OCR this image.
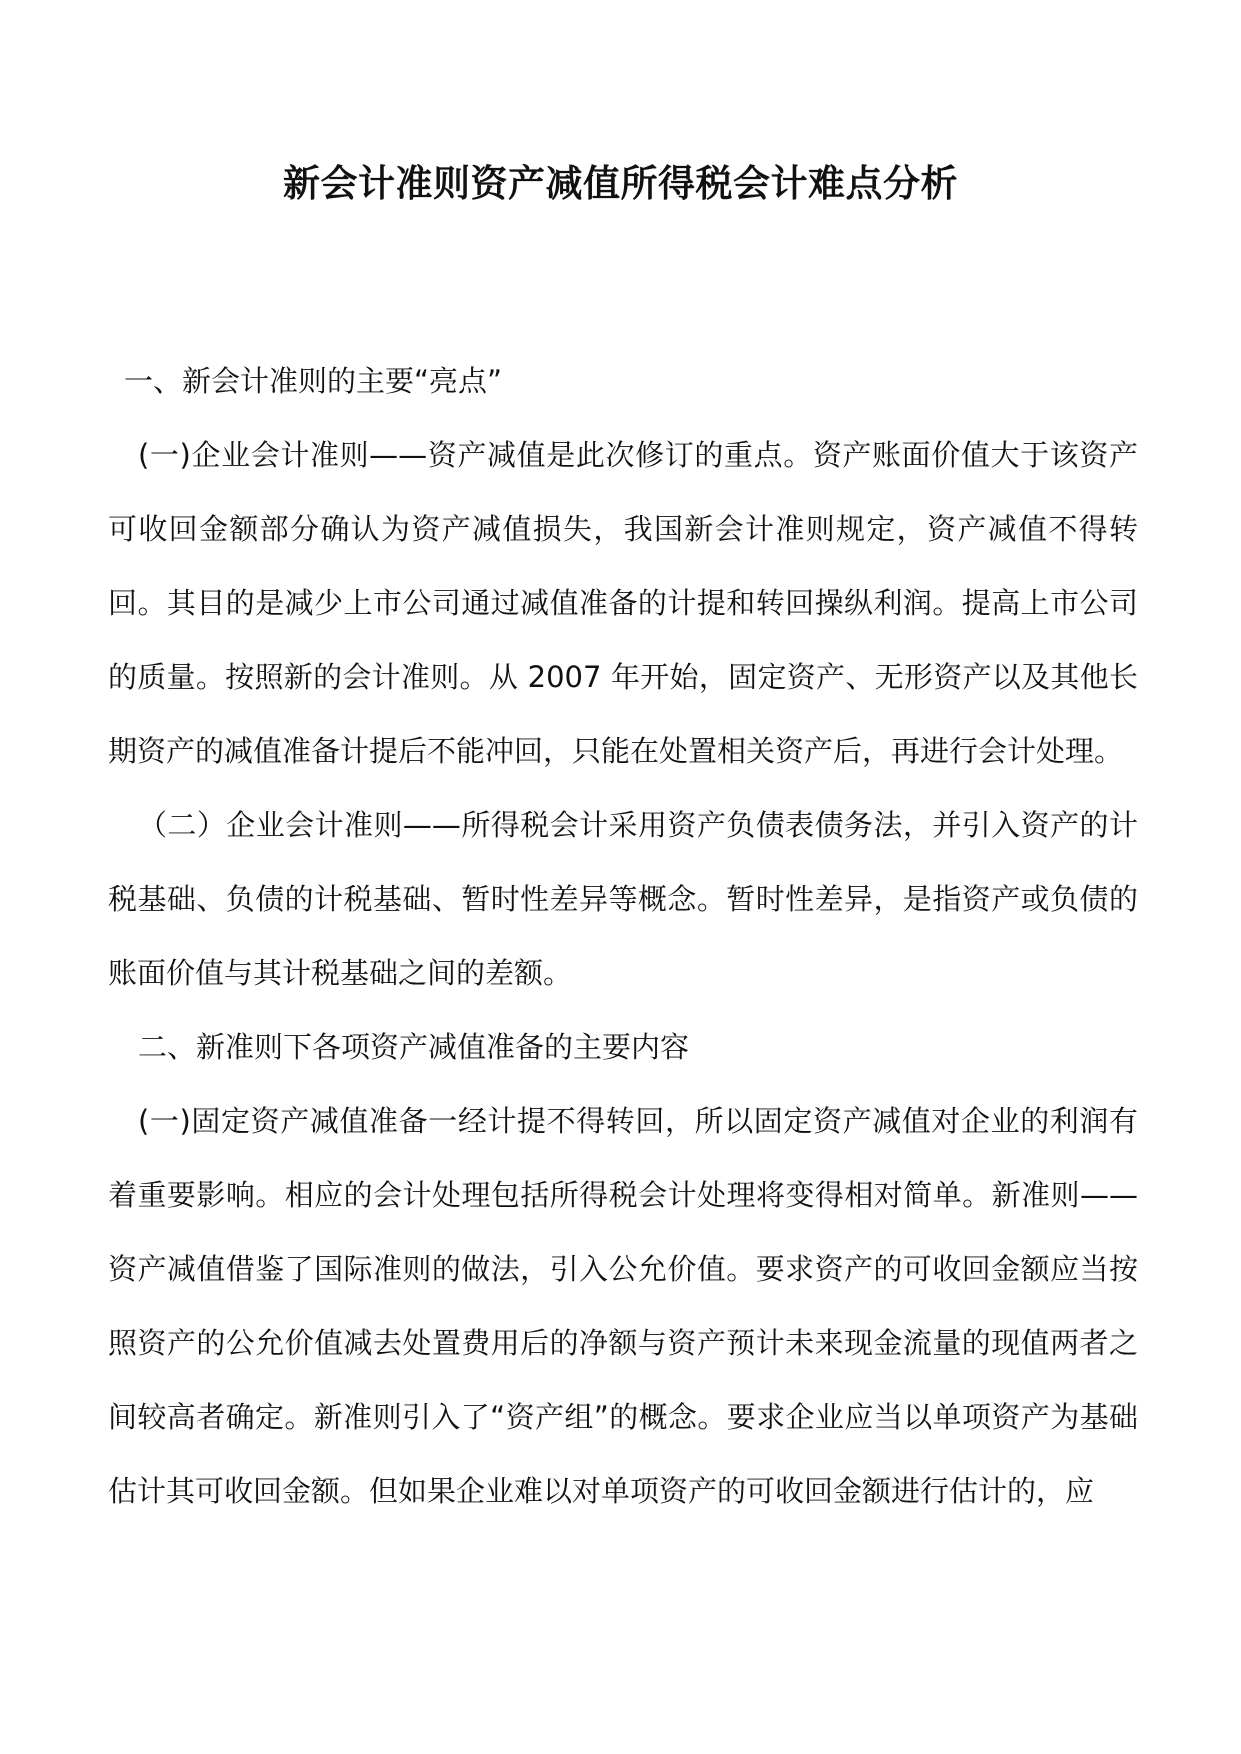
新会计准则资产减值所得税会计难点分析

一、新会计准则的主要“亮点”

(一)企业会计准则——资产减值是此次修订的重点。资产账面价值大于该资产可收回金额部分确认为资产减值损失，我国新会计准则规定，资产减值不得转回。其目的是减少上市公司通过减值准备的计提和转回操纵利润。提高上市公司的质量。按照新的会计准则。从 2007 年开始，固定资产、无形资产以及其他长期资产的减值准备计提后不能冲回，只能在处置相关资产后，再进行会计处理。

（二）企业会计准则——所得税会计采用资产负债表债务法，并引入资产的计税基础、负债的计税基础、暂时性差异等概念。暂时性差异，是指资产或负债的账面价值与其计税基础之间的差额。

二、新准则下各项资产减值准备的主要内容

(一)固定资产减值准备一经计提不得转回，所以固定资产减值对企业的利润有着重要影响。相应的会计处理包括所得税会计处理将变得相对简单。新准则——资产减值借鉴了国际准则的做法，引入公允价值。要求资产的可收回金额应当按照资产的公允价值减去处置费用后的净额与资产预计未来现金流量的现值两者之间较高者确定。新准则引入了“资产组”的概念。要求企业应当以单项资产为基础估计其可收回金额。但如果企业难以对单项资产的可收回金额进行估计的，应
